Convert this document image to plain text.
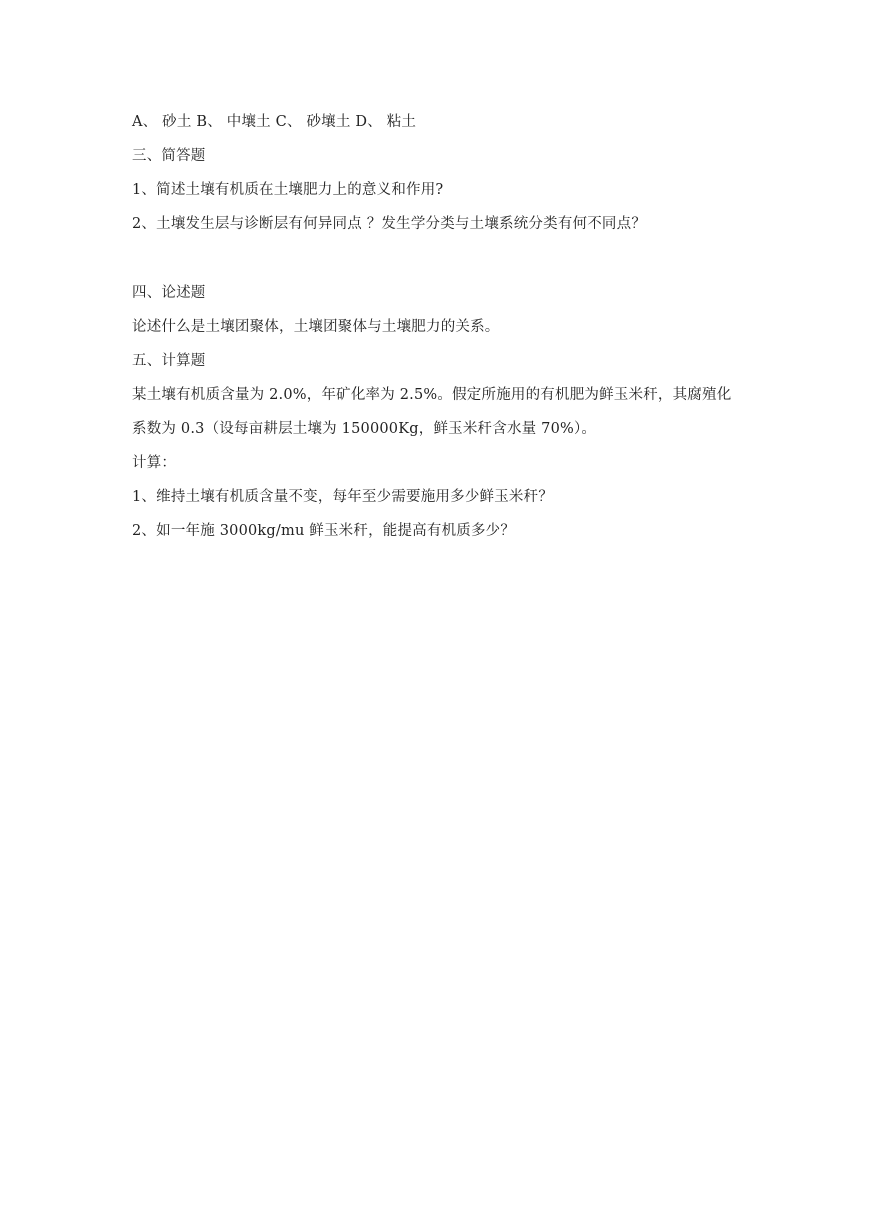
A、 砂土 B、 中壤土 C、 砂壤土 D、 粘土
三、简答题
1、简述土壤有机质在土壤肥力上的意义和作用?
2、土壤发生层与诊断层有何异同点 ？发生学分类与土壤系统分类有何不同点？
四、论述题
论述什么是土壤团聚体，土壤团聚体与土壤肥力的关系。
五、计算题
某土壤有机质含量为 2.0%，年矿化率为 2.5%。假定所施用的有机肥为鲜玉米秆，其腐殖化
系数为 0.3（设每亩耕层土壤为 150000Kg，鲜玉米秆含水量 70%）。
计算：
1、维持土壤有机质含量不变，每年至少需要施用多少鲜玉米秆？
2、如一年施 3000kg/mu 鲜玉米秆，能提高有机质多少？
